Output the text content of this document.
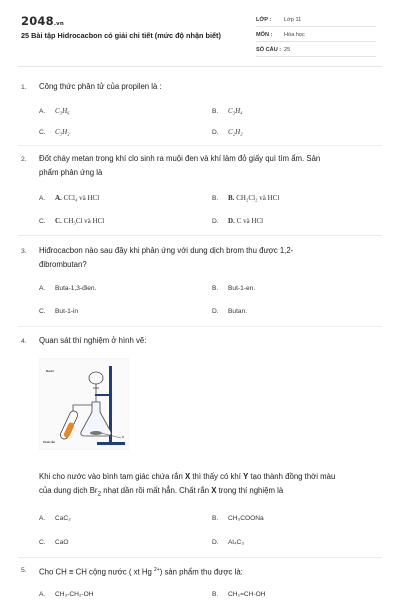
2048.vn
25 Bài tập Hidrocacbon có giải chi tiết (mức độ nhận biết)
LỚP : Lớp 11
MÔN : Hóa học
SỐ CÂU : 25
1. Công thức phân tử của propilen là :
A. C₃H₆	B. C₃H₄
C. C₃H₂	D. C₂H₂
2. Đốt cháy metan trong khí clo sinh ra muội đen và khí làm đỏ giấy quì tím ẩm. Sản
phẩm phản ứng là
A. A. CCl₄ và HCl	B. B. CH₂Cl₂ và HCl
C. C. CH₃Cl và HCl	D. D. C và HCl
3. Hiđrocacbon nào sau đây khi phản ứng với dung dịch brom thu được 1,2-
đibrombutan?
A. Buta-1,3-đien.	B. But-1-en.
C. But-1-in	D. Butan.
4. Quan sát thí nghiệm ở hình vẽ:
Nước
Chất rắn
X
Khi cho nước vào bình tam giác chứa rắn X thì thấy có khí Y tạo thành đồng thời màu
của dung dịch $Br_2$ nhạt dần rồi mất hẳn. Chất rắn X trong thí nghiệm là
A. CaC₂	B. CH₃COONa
C. CaO	D. Al₄C₃
5. Cho CH ≡ CH cộng nước ( xt Hg $^{2+}$) sản phẩm thu được là:
A. CH₃-CH₂-OH	B. CH₂=CH-OH
